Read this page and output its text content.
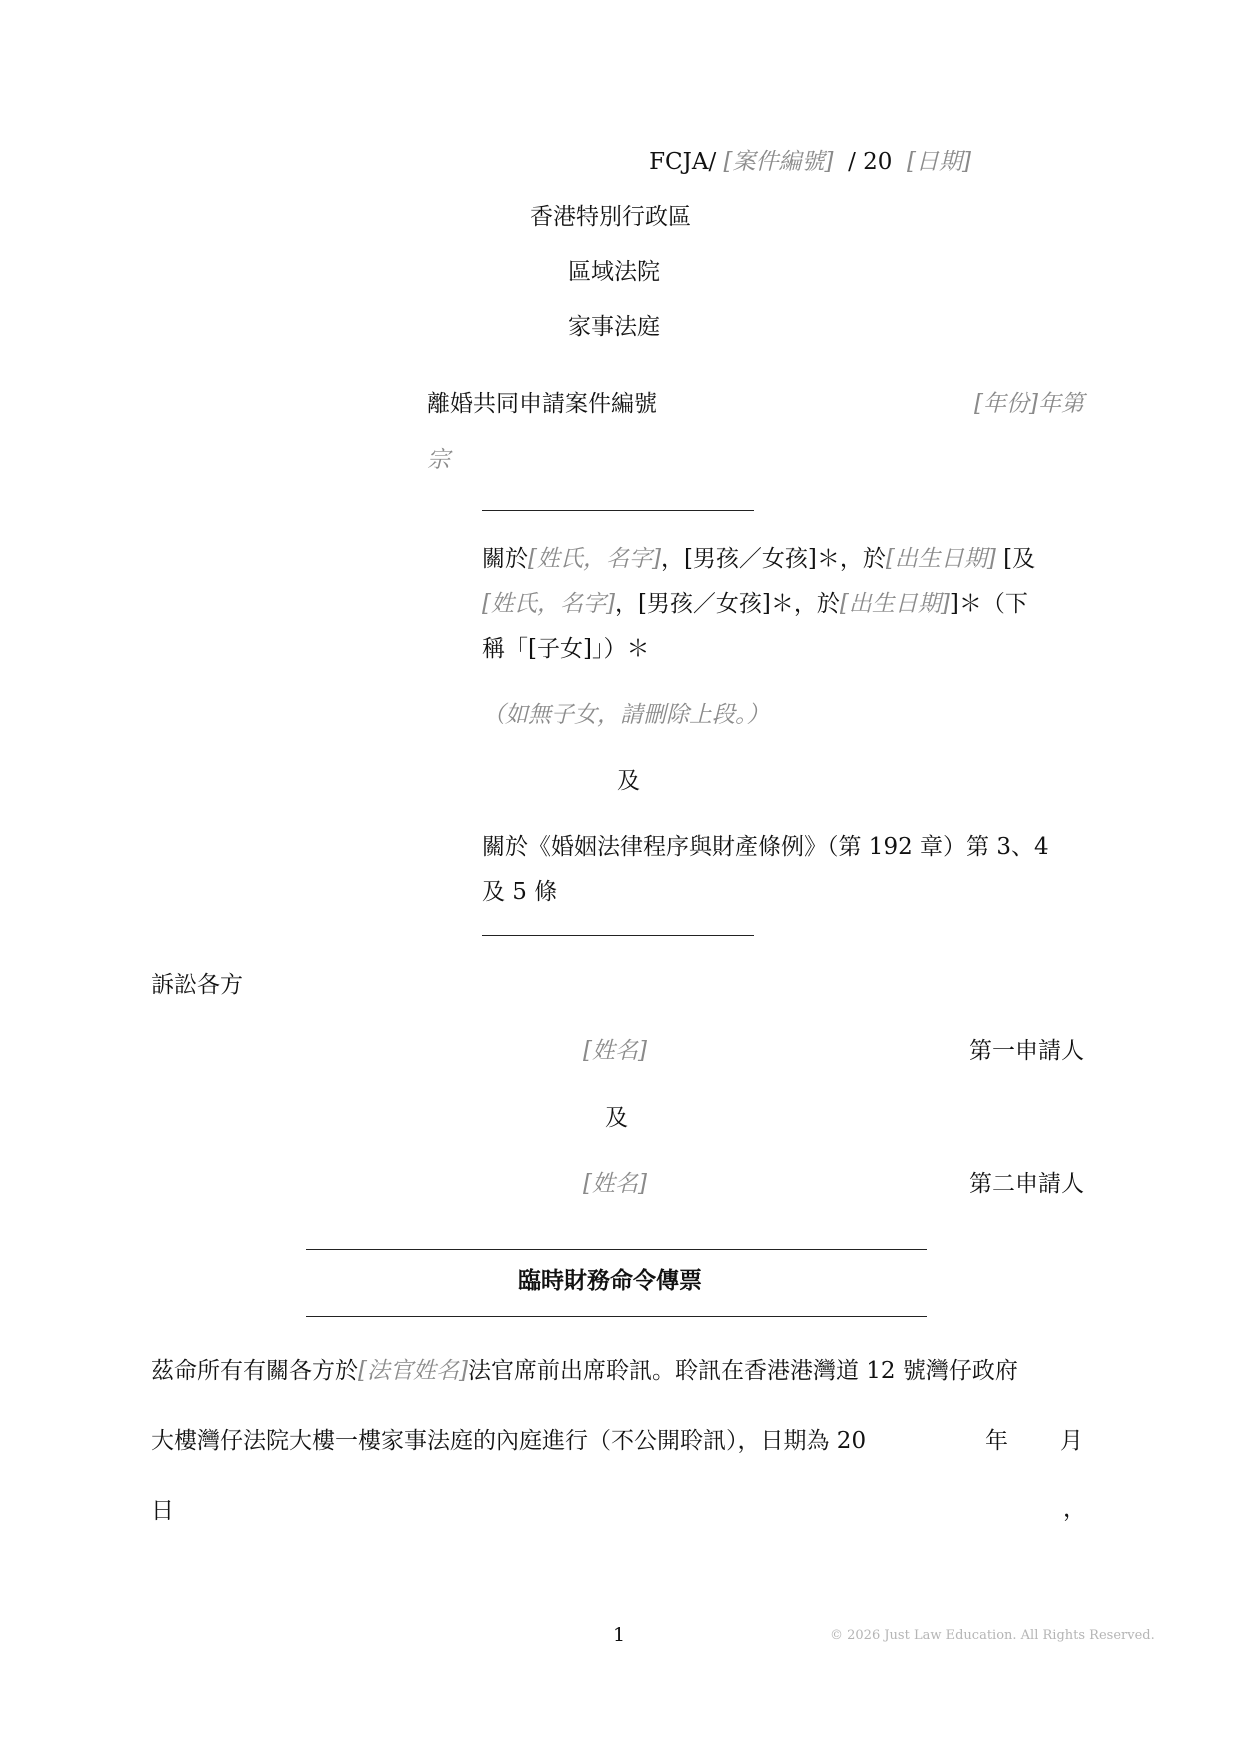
FCJA/ [案件編號]  / 20  [日期]
香港特別行政區
區域法院
家事法庭
離婚共同申請案件編號	[年份]年第
宗
關於[姓氏，名字]，[男孩／女孩]＊，於[出生日期] [及
[姓氏，名字]，[男孩／女孩]＊，於[出生日期]]＊（下
稱「[子女]」）＊
（如無子女，請刪除上段。）
及
關於《婚姻法律程序與財產條例》（第 192 章）第 3、4
及 5 條
訴訟各方
[姓名]	第一申請人
及
[姓名]	第二申請人
臨時財務命令傳票
茲命所有有關各方於[法官姓名]法官席前出席聆訊。聆訊在香港港灣道 12 號灣仔政府
大樓灣仔法院大樓一樓家事法庭的內庭進行（不公開聆訊），日期為 20	年 月
日	，
1	© 2026 Just Law Education. All Rights Reserved.
